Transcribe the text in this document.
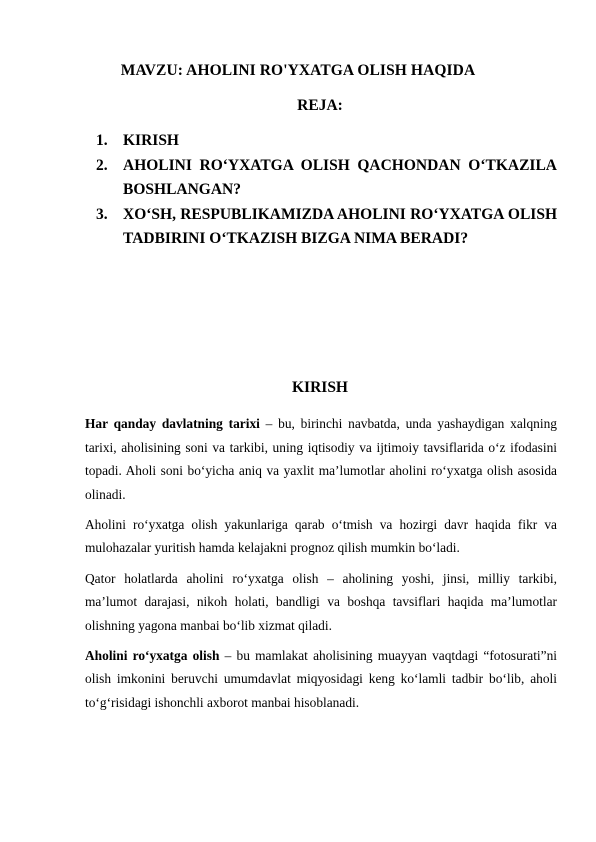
MAVZU: AHOLINI RO'YXATGA OLISH HAQIDA
REJA:
1. KIRISH
2. AHOLINI RO‘YXATGA OLISH QACHONDAN O‘TKAZILA BOSHLANGAN?
3. XO‘SH, RESPUBLIKAMIZDA AHOLINI RO‘YXATGA OLISH TADBIRINI O‘TKAZISH BIZGA NIMA BERADI?
KIRISH

Har qanday davlatning tarixi – bu, birinchi navbatda, unda yashaydigan xalqning tarixi, aholisining soni va tarkibi, uning iqtisodiy va ijtimoiy tavsiflarida o‘z ifodasini topadi. Aholi soni bo‘yicha aniq va yaxlit ma’lumotlar aholini ro‘yxatga olish asosida olinadi.

Aholini ro‘yxatga olish yakunlariga qarab o‘tmish va hozirgi davr haqida fikr va mulohazalar yuritish hamda kelajakni prognoz qilish mumkin bo‘ladi.

Qator holatlarda aholini ro‘yxatga olish – aholining yoshi, jinsi, milliy tarkibi, ma’lumot darajasi, nikoh holati, bandligi va boshqa tavsiflari haqida ma’lumotlar olishning yagona manbai bo‘lib xizmat qiladi.

Aholini ro‘yxatga olish – bu mamlakat aholisining muayyan vaqtdagi “fotosurati”ni olish imkonini beruvchi umumdavlat miqyosidagi keng ko‘lamli tadbir bo‘lib, aholi to‘g‘risidagi ishonchli axborot manbai hisoblanadi.
